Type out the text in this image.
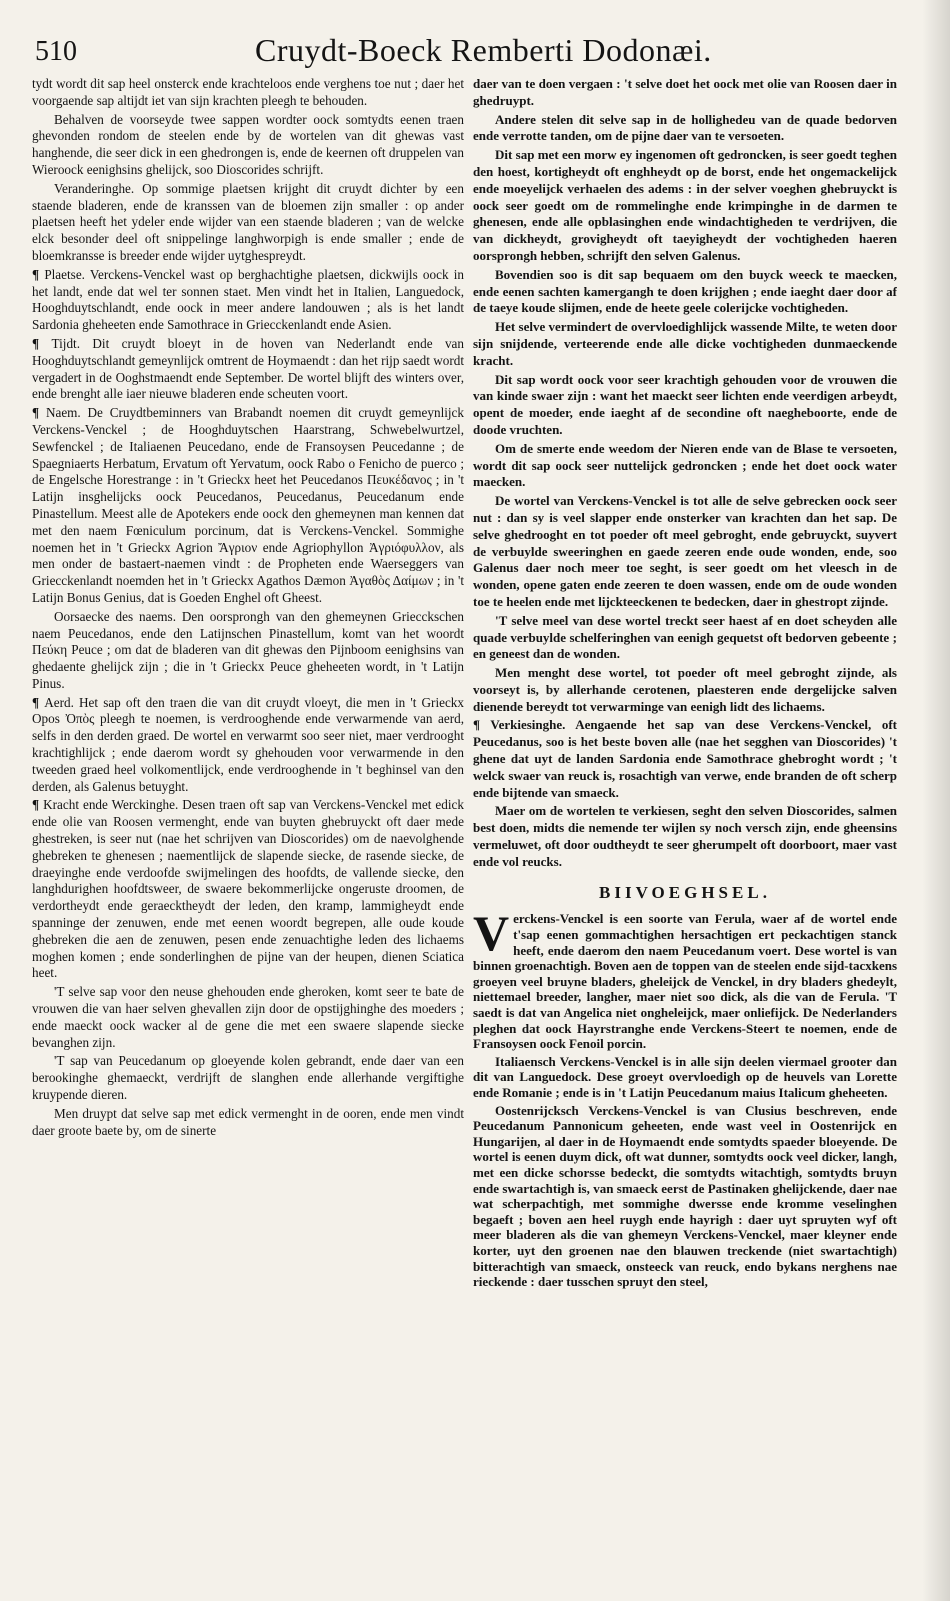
510	Cruydt-Boeck Remberti Dodonæi.
tydt wordt dit sap heel onsterck ende krachteloos ende verghens toe nut ; daer het voorgaende sap altijdt iet van sijn krachten pleegh te behouden.
Behalven de voorseyde twee sappen wordter oock somtydts eenen traen ghevonden rondom de steelen ende by de wortelen van dit ghewas vast hanghende, die seer dick in een ghedrongen is, ende de keernen oft druppelen van Wieroock eenighsins ghelijck, soo Dioscorides schrijft.
Veranderinghe. Op sommige plaetsen krijght dit cruydt dichter by een staende bladeren, ende de kranssen van de bloemen zijn smaller : op ander plaetsen heeft het ydeler ende wijder van een staende bladeren ; van de welcke elck besonder deel oft snippelinge langhworpigh is ende smaller ; ende de bloemkransse is breeder ende wijder uytghespreydt.
¶ Plaetse. Verckens-Venckel wast op berghachtighe plaetsen, dickwijls oock in het landt, ende dat wel ter sonnen staet. Men vindt het in Italien, Languedock, Hooghduytschlandt, ende oock in meer andere landouwen ; als is het landt Sardonia gheheeten ende Samothrace in Griecckenlandt ende Asien.
¶ Tijdt. Dit cruydt bloeyt in de hoven van Nederlandt ende van Hooghduytschlandt gemeynlijck omtrent de Hoymaendt : dan het rijp saedt wordt vergadert in de Ooghstmaendt ende September. De wortel blijft des winters over, ende brenght alle iaer nieuwe bladeren ende scheuten voort.
¶ Naem. De Cruydtbeminners van Brabandt noemen dit cruydt gemeynlijck Verckens-Venckel ; de Hooghduytschen Haarstrang, Schwebelwurtzel, Sewfenckel ; de Italiaenen Peucedano, ende de Fransoysen Peucedanne ; de Spaegniaerts Herbatum, Ervatum oft Yervatum, oock Rabo o Fenicho de puerco ; de Engelsche Horestrange : in 't Grieckx heet het Peucedanos Πευκέδανος ; in 't Latijn insghelijcks oock Peucedanos, Peucedanus, Peucedanum ende Pinastellum. Meest alle de Apotekers ende oock den ghemeynen man kennen dat met den naem Fœniculum porcinum, dat is Verckens-Venckel. Sommighe noemen het in 't Grieckx Agrion Ἄγριον ende Agriophyllon Ἀγριόφυλλον, als men onder de bastaert-naemen vindt : de Propheten ende Waerseggers van Griecckenlandt noemden het in 't Grieckx Agathos Dæmon Ἀγαθὸς Δαίμων ; in 't Latijn Bonus Genius, dat is Goeden Enghel oft Gheest.
Oorsaecke des naems. Den oorsprongh van den ghemeynen Griecckschen naem Peucedanos, ende den Latijnschen Pinastellum, komt van het woordt Πεύκη Peuce ; om dat de bladeren van dit ghewas den Pijnboom eenighsins van ghedaente ghelijck zijn ; die in 't Grieckx Peuce gheheeten wordt, in 't Latijn Pinus.
¶ Aerd. Het sap oft den traen die van dit cruydt vloeyt, die men in 't Grieckx Opos Ὀπὸς pleegh te noemen, is verdrooghende ende verwarmende van aerd, selfs in den derden graed. De wortel en verwarmt soo seer niet, maer verdrooght krachtighlijck ; ende daerom wordt sy ghehouden voor verwarmende in den tweeden graed heel volkomentlijck, ende verdrooghende in 't beghinsel van den derden, als Galenus betuyght.
¶ Kracht ende Werckinghe. Desen traen oft sap van Verckens-Venckel met edick ende olie van Roosen vermenght, ende van buyten ghebruyckt oft daer mede ghestreken, is seer nut (nae het schrijven van Dioscorides) om de naevolghende ghebreken te ghenesen ; naementlijck de slapende siecke, de rasende siecke, de draeyinghe ende verdoofde swijmelingen des hoofdts, de vallende siecke, den langhdurighen hoofdtsweer, de swaere bekommerlijcke ongeruste droomen, de verdortheydt ende geraecktheydt der leden, den kramp, lammigheydt ende spanninge der zenuwen, ende met eenen woordt begrepen, alle oude koude ghebreken die aen de zenuwen, pesen ende zenuachtighe leden des lichaems moghen komen ; ende sonderlinghen de pijne van der heupen, dienen Sciatica heet.
'T selve sap voor den neuse ghehouden ende gheroken, komt seer te bate de vrouwen die van haer selven ghevallen zijn door de opstijghinghe des moeders ; ende maeckt oock wacker al de gene die met een swaere slapende siecke bevanghen zijn.
'T sap van Peucedanum op gloeyende kolen gebrandt, ende daer van een berookinghe ghemaeckt, verdrijft de slanghen ende allerhande vergiftighe kruypende dieren.
Men druypt dat selve sap met edick vermenght in de ooren, ende men vindt daer groote baete by, om de sinerte
daer van te doen vergaen : 't selve doet het oock met olie van Roosen daer in ghedruypt.
Andere stelen dit selve sap in de hollighedeu van de quade bedorven ende verrotte tanden, om de pijne daer van te versoeten.
Dit sap met een morw ey ingenomen oft gedroncken, is seer goedt teghen den hoest, kortigheydt oft enghheydt op de borst, ende het ongemackelijck ende moeyelijck verhaelen des adems : in der selver voeghen ghebruyckt is oock seer goedt om de rommelinghe ende krimpinghe in de darmen te ghenesen, ende alle opblasinghen ende windachtigheden te verdrijven, die van dickheydt, grovigheydt oft taeyigheydt der vochtigheden haeren oorsprongh hebben, schrijft den selven Galenus.
Bovendien soo is dit sap bequaem om den buyck weeck te maecken, ende eenen sachten kamergangh te doen krijghen ; ende iaeght daer door af de taeye koude slijmen, ende de heete geele colerijcke vochtigheden.
Het selve vermindert de overvloedighlijck wassende Milte, te weten door sijn snijdende, verteerende ende alle dicke vochtigheden dunmaeckende kracht.
Dit sap wordt oock voor seer krachtigh gehouden voor de vrouwen die van kinde swaer zijn : want het maeckt seer lichten ende veerdigen arbeydt, opent de moeder, ende iaeght af de secondine oft naegheboorte, ende de doode vruchten.
Om de smerte ende weedom der Nieren ende van de Blase te versoeten, wordt dit sap oock seer nuttelijck gedroncken ; ende het doet oock water maecken.
De wortel van Verckens-Venckel is tot alle de selve gebrecken oock seer nut : dan sy is veel slapper ende onsterker van krachten dan het sap. De selve ghedrooght en tot poeder oft meel gebroght, ende gebruyckt, suyvert de verbuylde sweeringhen en gaede zeeren ende oude wonden, ende, soo Galenus daer noch meer toe seght, is seer goedt om het vleesch in de wonden, opene gaten ende zeeren te doen wassen, ende om de oude wonden toe te heelen ende met lijckteeckenen te bedecken, daer in ghestropt zijnde.
'T selve meel van dese wortel treckt seer haest af en doet scheyden alle quade verbuylde schelferinghen van eenigh gequetst oft bedorven gebeente ; en geneest dan de wonden.
Men menght dese wortel, tot poeder oft meel gebroght zijnde, als voorseyt is, by allerhande cerotenen, plaesteren ende dergelijcke salven dienende bereydt tot verwarminge van eenigh lidt des lichaems.
¶ Verkiesinghe. Aengaende het sap van dese Verckens-Venckel, oft Peucedanus, soo is het beste boven alle (nae het segghen van Dioscorides) 't ghene dat uyt de landen Sardonia ende Samothrace ghebroght wordt ; 't welck swaer van reuck is, rosachtigh van verwe, ende branden de oft scherp ende bijtende van smaeck.
Maer om de wortelen te verkiesen, seght den selven Dioscorides, salmen best doen, midts die nemende ter wijlen sy noch versch zijn, ende gheensins vermeluwet, oft door oudtheydt te seer gherumpelt oft doorboort, maer vast ende vol reucks.
BIIVOEGHSEL.
Verckens-Venckel is een soorte van Ferula, waer af de wortel ende t'sap eenen gommachtighen hersachtigen ert peckachtigen stanck heeft, ende daerom den naem Peucedanum voert. Dese wortel is van binnen groenachtigh. Boven aen de toppen van de steelen ende sijd-tacxkens groeyen veel bruyne bladers, gheleijck de Venckel, in dry bladers ghedeylt, niettemael breeder, langher, maer niet soo dick, als die van de Ferula. 'T saedt is dat van Angelica niet ongheleijck, maer onliefijck. De Nederlanders pleghen dat oock Hayrstranghe ende Verckens-Steert te noemen, ende de Fransoysen oock Fenoil porcin.
Italiaensch Verckens-Venckel is in alle sijn deelen viermael grooter dan dit van Languedock. Dese groeyt overvloedigh op de heuvels van Lorette ende Romanie ; ende is in 't Latijn Peucedanum maius Italicum gheheeten.
Oostenrijcksch Verckens-Venckel is van Clusius beschreven, ende Peucedanum Pannonicum geheeten, ende wast veel in Oostenrijck en Hungarijen, al daer in de Hoymaendt ende somtydts spaeder bloeyende. De wortel is eenen duym dick, oft wat dunner, somtydts oock veel dicker, langh, met een dicke schorsse bedeckt, die somtydts witachtigh, somtydts bruyn ende swartachtigh is, van smaeck eerst de Pastinaken ghelijckende, daer nae wat scherpachtigh, met sommighe dwersse ende kromme veselinghen begaeft ; boven aen heel ruygh ende hayrigh : daer uyt spruyten wyf oft meer bladeren als die van ghemeyn Verckens-Venckel, maer kleyner ende korter, uyt den groenen nae den blauwen treckende (niet swartachtigh) bitterachtigh van smaeck, onsteeck van reuck, endo bykans nerghens nae rieckende : daer tusschen spruyt den steel,
